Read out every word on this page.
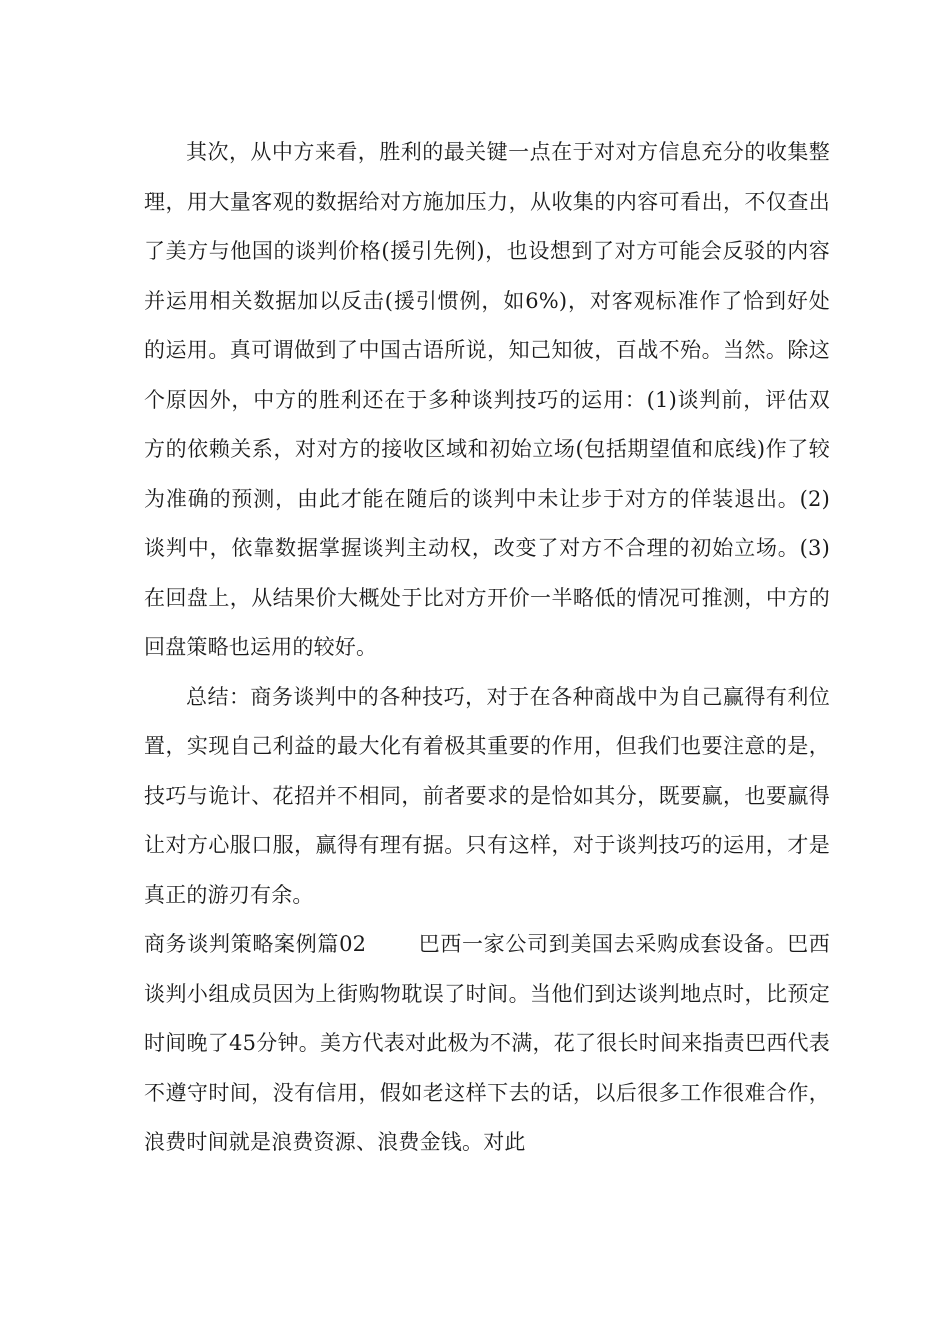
其次，从中方来看，胜利的最关键一点在于对对方信息充分的收集整理，用大量客观的数据给对方施加压力，从收集的内容可看出，不仅查出了美方与他国的谈判价格(援引先例)，也设想到了对方可能会反驳的内容并运用相关数据加以反击(援引惯例，如6%)，对客观标准作了恰到好处的运用。真可谓做到了中国古语所说，知己知彼，百战不殆。当然。除这个原因外，中方的胜利还在于多种谈判技巧的运用：(1)谈判前，评估双方的依赖关系，对对方的接收区域和初始立场(包括期望值和底线)作了较为准确的预测，由此才能在随后的谈判中未让步于对方的佯装退出。(2)谈判中，依靠数据掌握谈判主动权，改变了对方不合理的初始立场。(3)在回盘上，从结果价大概处于比对方开价一半略低的情况可推测，中方的回盘策略也运用的较好。

总结：商务谈判中的各种技巧，对于在各种商战中为自己赢得有利位置，实现自己利益的最大化有着极其重要的作用，但我们也要注意的是，技巧与诡计、花招并不相同，前者要求的是恰如其分，既要赢，也要赢得让对方心服口服，赢得有理有据。只有这样，对于谈判技巧的运用，才是真正的游刃有余。

商务谈判策略案例篇02 巴西一家公司到美国去采购成套设备。巴西谈判小组成员因为上街购物耽误了时间。当他们到达谈判地点时，比预定时间晚了45分钟。美方代表对此极为不满，花了很长时间来指责巴西代表不遵守时间，没有信用，假如老这样下去的话，以后很多工作很难合作，浪费时间就是浪费资源、浪费金钱。对此
